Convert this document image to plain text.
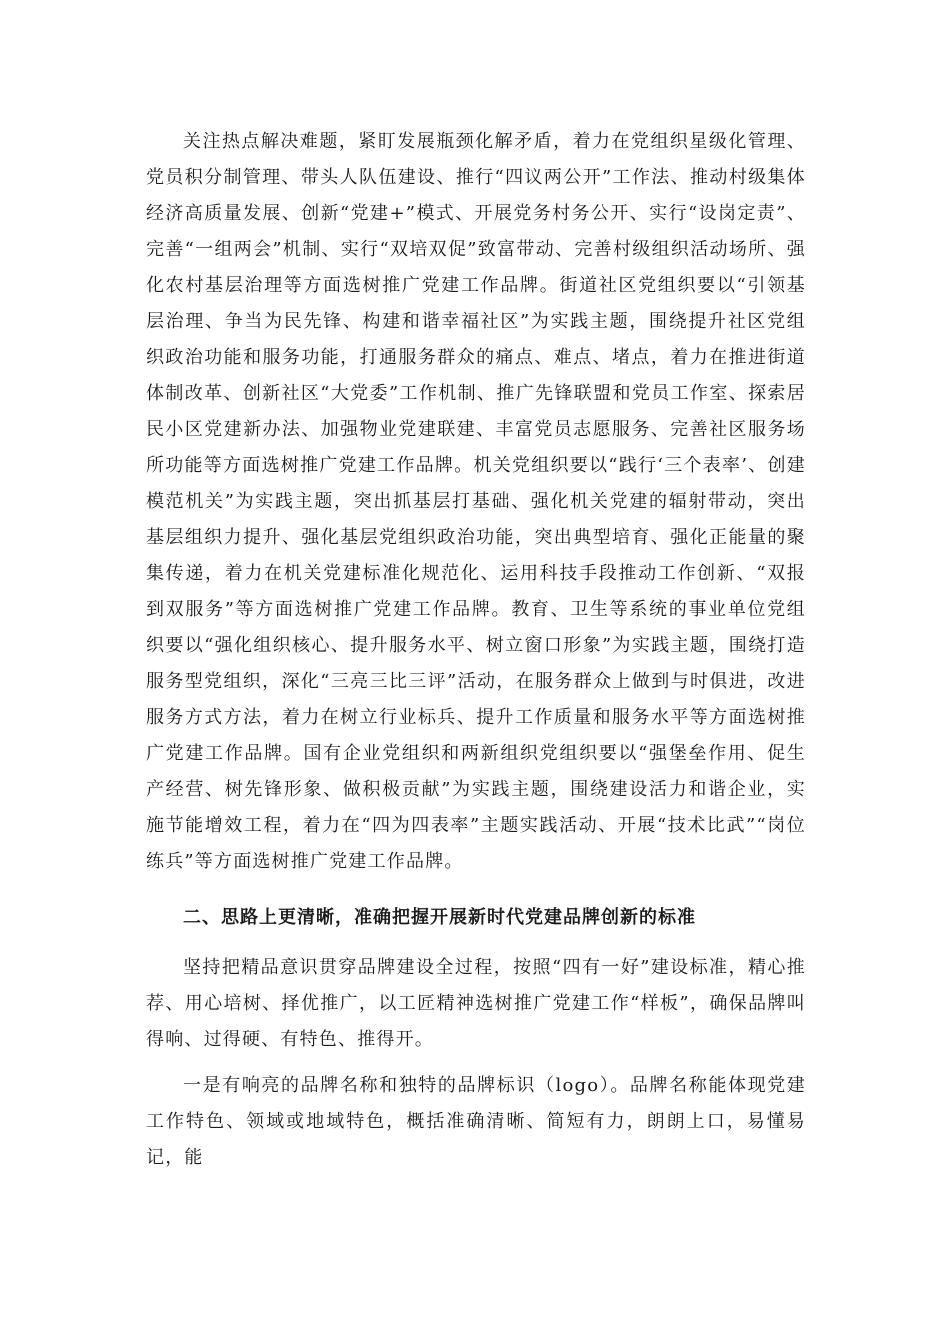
关注热点解决难题，紧盯发展瓶颈化解矛盾，着力在党组织星级化管理、党员积分制管理、带头人队伍建设、推行“四议两公开”工作法、推动村级集体经济高质量发展、创新“党建+”模式、开展党务村务公开、实行“设岗定责”、完善“一组两会”机制、实行“双培双促”致富带动、完善村级组织活动场所、强化农村基层治理等方面选树推广党建工作品牌。街道社区党组织要以“引领基层治理、争当为民先锋、构建和谐幸福社区”为实践主题，围绕提升社区党组织政治功能和服务功能，打通服务群众的痛点、难点、堵点，着力在推进街道体制改革、创新社区“大党委”工作机制、推广先锋联盟和党员工作室、探索居民小区党建新办法、加强物业党建联建、丰富党员志愿服务、完善社区服务场所功能等方面选树推广党建工作品牌。机关党组织要以“践行‘三个表率’、创建模范机关”为实践主题，突出抓基层打基础、强化机关党建的辐射带动，突出基层组织力提升、强化基层党组织政治功能，突出典型培育、强化正能量的聚集传递，着力在机关党建标准化规范化、运用科技手段推动工作创新、“双报到双服务”等方面选树推广党建工作品牌。教育、卫生等系统的事业单位党组织要以“强化组织核心、提升服务水平、树立窗口形象”为实践主题，围绕打造服务型党组织，深化“三亮三比三评”活动，在服务群众上做到与时俱进，改进服务方式方法，着力在树立行业标兵、提升工作质量和服务水平等方面选树推广党建工作品牌。国有企业党组织和两新组织党组织要以“强堡垒作用、促生产经营、树先锋形象、做积极贡献”为实践主题，围绕建设活力和谐企业，实施节能增效工程，着力在“四为四表率”主题实践活动、开展“技术比武”“岗位练兵”等方面选树推广党建工作品牌。

二、思路上更清晰，准确把握开展新时代党建品牌创新的标准

坚持把精品意识贯穿品牌建设全过程，按照“四有一好”建设标准，精心推荐、用心培树、择优推广，以工匠精神选树推广党建工作“样板”，确保品牌叫得响、过得硬、有特色、推得开。

一是有响亮的品牌名称和独特的品牌标识（logo）。品牌名称能体现党建工作特色、领域或地域特色，概括准确清晰、简短有力，朗朗上口，易懂易记，能
